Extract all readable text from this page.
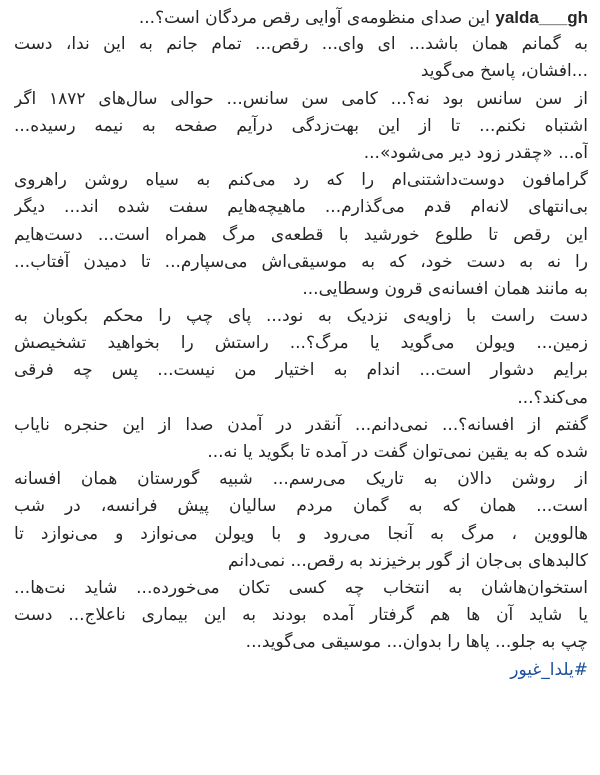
yalda___gh این صدای منظومه‌ی آوایی رقص مردگان است؟...
به گمانم همان باشد... ای وای... رقص... تمام جانم به این ندا، دست
...افشان، پاسخ می‌گوید
از سن سانس بود نه؟... کامی سن سانس... حوالی سال‌های ۱۸۷۲ اگر
اشتباه نکنم... تا از این بهت‌زدگی درآیم صفحه به نیمه رسیده...
آه... «چقدر زود دیر می‌شود»...
گرامافون دوست‌داشتنی‌ام را که رد می‌کنم به سیاه روشن راهروی
بی‌انتهای لانه‌ام قدم می‌گذارم... ماهیچه‌هایم سفت شده اند... دیگر
این رقص تا طلوع خورشید با قطعه‌ی مرگ همراه است... دست‌هایم
را نه به دست خود، که به موسیقی‌اش می‌سپارم... تا دمیدن آفتاب...
به مانند همان افسانه‌ی قرون وسطایی...
دست راست با زاویه‌ی نزدیک به نود... پای چپ را محکم بکوبان به
زمین... ویولن می‌گوید یا مرگ؟... راستش را بخواهید تشخیصش
برایم دشوار است... اندام به اختیار من نیست... پس چه فرقی
می‌کند؟...
گفتم از افسانه؟... نمی‌دانم... آنقدر در آمدن صدا از این حنجره نایاب
شده که به یقین نمی‌توان گفت در آمده تا بگوید یا نه...
از روشن دالان به تاریک می‌رسم... شبیه گورستان همان افسانه
است... همان که به گمان مردم سالیان پیش فرانسه، در شب
هالووین ، مرگ به آنجا می‌رود و با ویولن می‌نوازد و می‌نوازد تا
کالبدهای بی‌جان از گور برخیزند به رقص... نمی‌دانم
استخوان‌هاشان به انتخاب چه کسی تکان می‌خورده... شاید نت‌ها...
یا شاید آن ها هم گرفتار آمده بودند به این بیماری ناعلاج... دست
چپ به جلو... پاها را بدوان... موسیقی می‌گوید...
#یلدا_غیور
